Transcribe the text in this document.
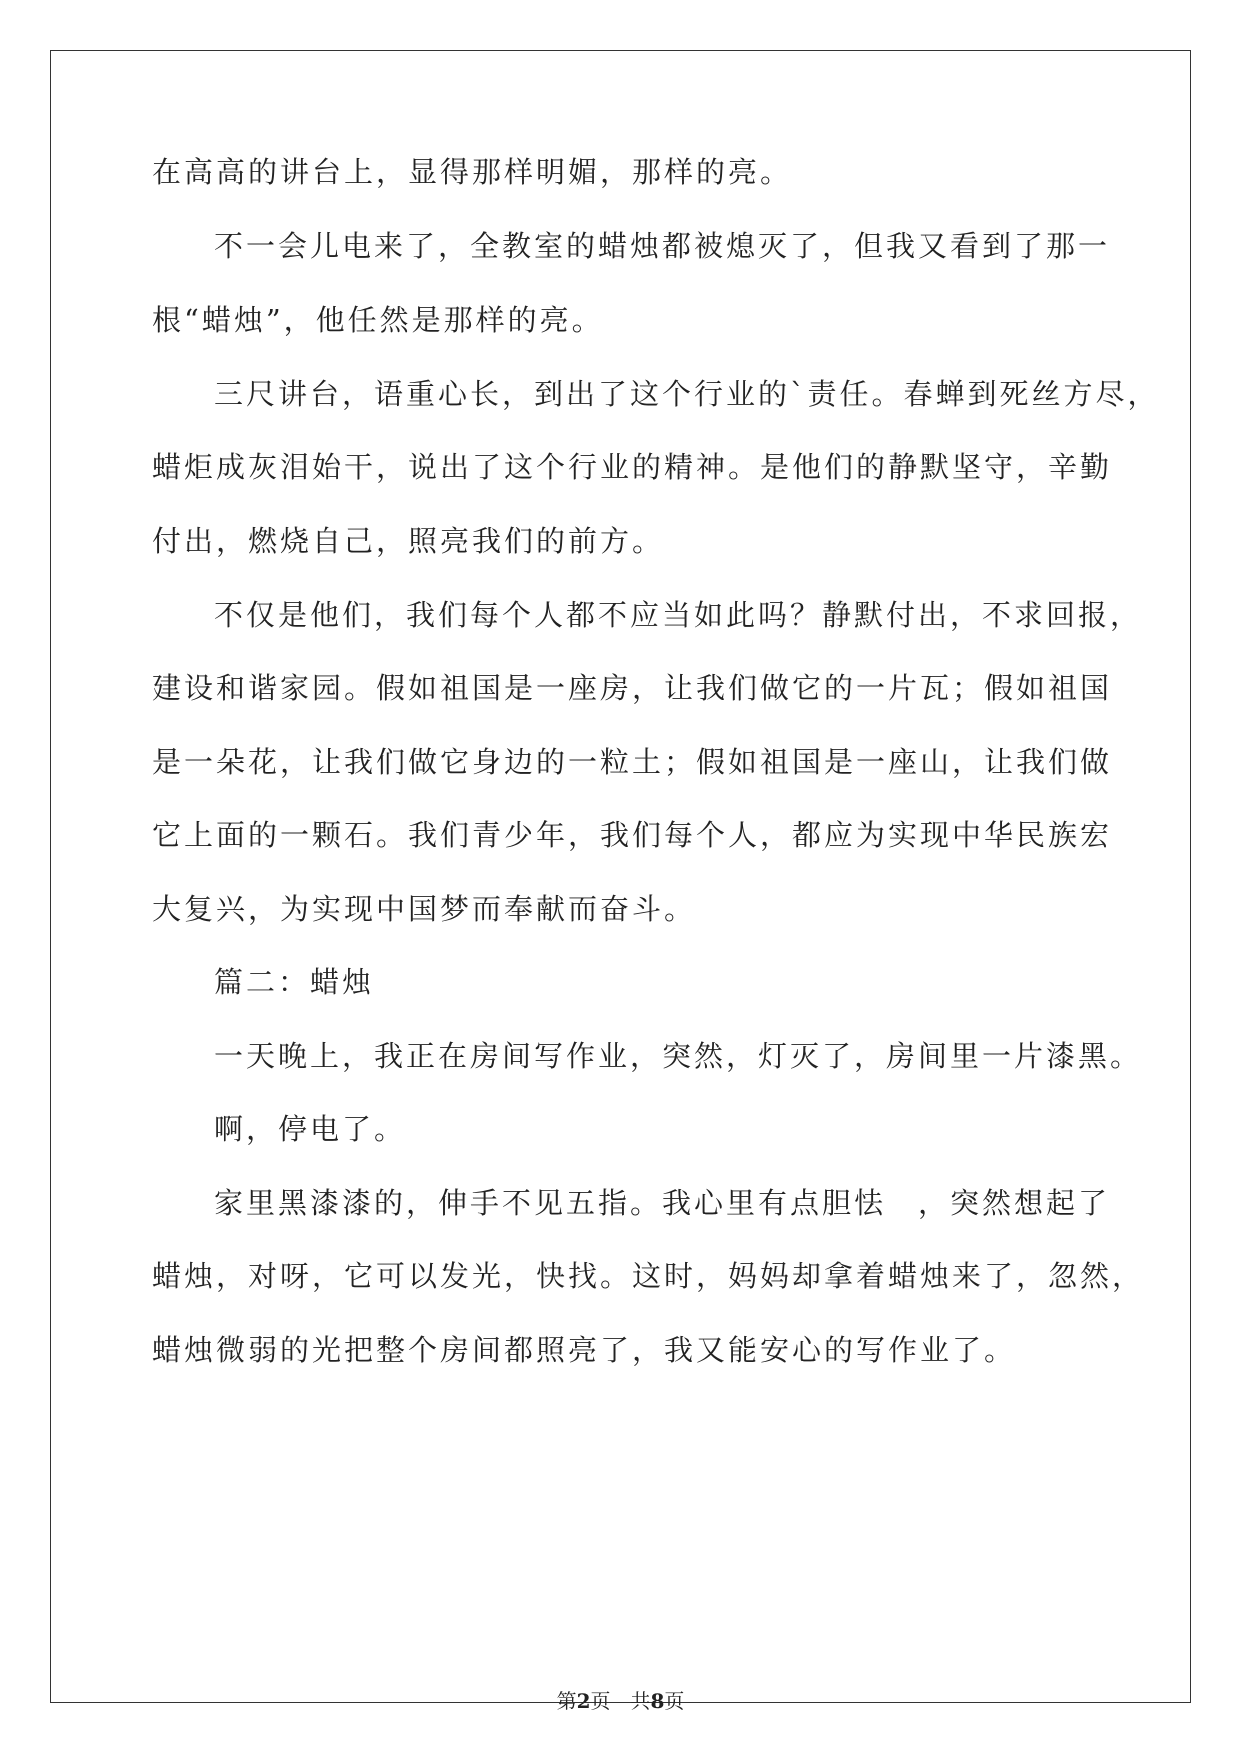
在高高的讲台上，显得那样明媚，那样的亮。
不一会儿电来了，全教室的蜡烛都被熄灭了，但我又看到了那一
根“蜡烛”，他任然是那样的亮。
三尺讲台，语重心长，到出了这个行业的`责任。春蝉到死丝方尽，
蜡炬成灰泪始干，说出了这个行业的精神。是他们的静默坚守，辛勤
付出，燃烧自己，照亮我们的前方。
不仅是他们，我们每个人都不应当如此吗？静默付出，不求回报，
建设和谐家园。假如祖国是一座房，让我们做它的一片瓦；假如祖国
是一朵花，让我们做它身边的一粒土；假如祖国是一座山，让我们做
它上面的一颗石。我们青少年，我们每个人，都应为实现中华民族宏
大复兴，为实现中国梦而奉献而奋斗。
篇二：蜡烛
一天晚上，我正在房间写作业，突然，灯灭了，房间里一片漆黑。
啊，停电了。
家里黑漆漆的，伸手不见五指。我心里有点胆怯　，突然想起了
蜡烛，对呀，它可以发光，快找。这时，妈妈却拿着蜡烛来了，忽然，
蜡烛微弱的光把整个房间都照亮了，我又能安心的写作业了。
第2页　共8页
